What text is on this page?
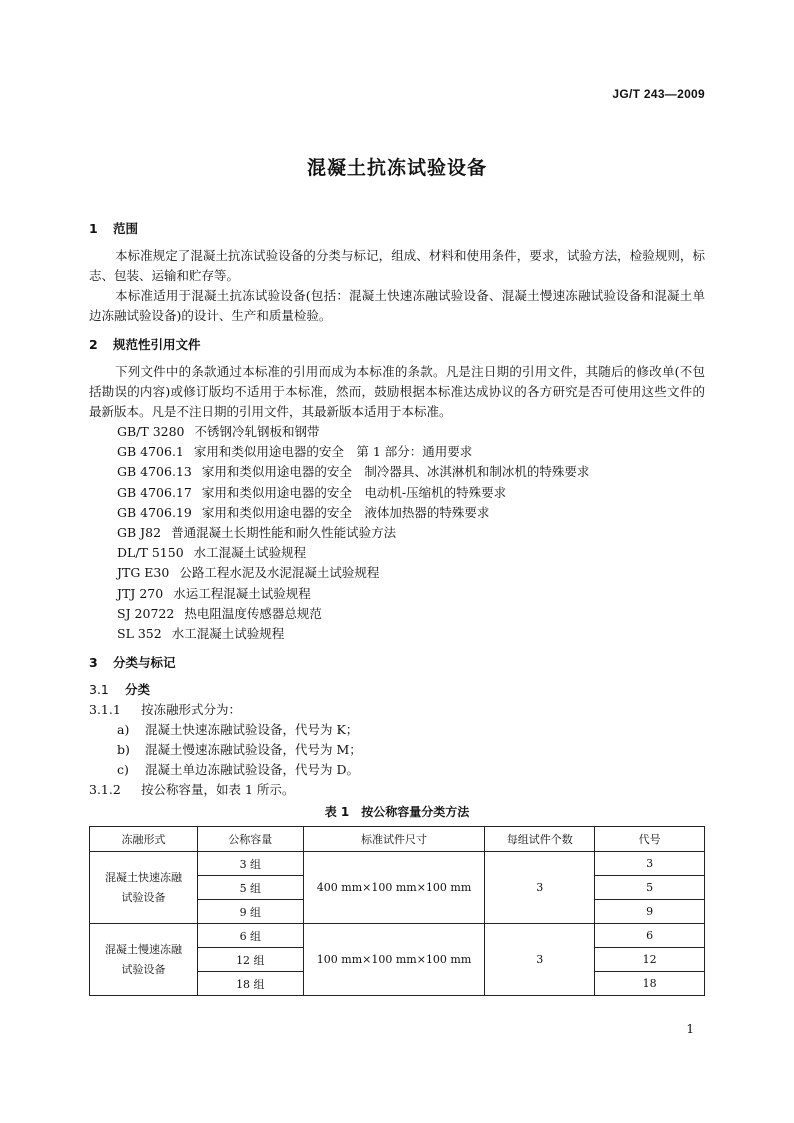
JG/T 243—2009
混凝土抗冻试验设备
1 范围

本标准规定了混凝土抗冻试验设备的分类与标记，组成、材料和使用条件，要求，试验方法，检验规则，标志、包装、运输和贮存等。

本标准适用于混凝土抗冻试验设备(包括：混凝土快速冻融试验设备、混凝土慢速冻融试验设备和混凝土单边冻融试验设备)的设计、生产和质量检验。

2 规范性引用文件

下列文件中的条款通过本标准的引用而成为本标准的条款。凡是注日期的引用文件，其随后的修改单(不包括勘误的内容)或修订版均不适用于本标准，然而，鼓励根据本标准达成协议的各方研究是否可使用这些文件的最新版本。凡是不注日期的引用文件，其最新版本适用于本标准。

GB/T 3280 不锈钢冷轧钢板和钢带
GB 4706.1 家用和类似用途电器的安全　第 1 部分：通用要求
GB 4706.13 家用和类似用途电器的安全　制冷器具、冰淇淋机和制冰机的特殊要求
GB 4706.17 家用和类似用途电器的安全　电动机-压缩机的特殊要求
GB 4706.19 家用和类似用途电器的安全　液体加热器的特殊要求
GB J82 普通混凝土长期性能和耐久性能试验方法
DL/T 5150 水工混凝土试验规程
JTG E30 公路工程水泥及水泥混凝土试验规程
JTJ 270 水运工程混凝土试验规程
SJ 20722 热电阻温度传感器总规范
SL 352 水工混凝土试验规程
3 分类与标记
3.1 分类
3.1.1 按冻融形式分为：
a) 混凝土快速冻融试验设备，代号为 K；
b) 混凝土慢速冻融试验设备，代号为 M；
c) 混凝土单边冻融试验设备，代号为 D。
3.1.2 按公称容量，如表 1 所示。
表 1　按公称容量分类方法
冻融形式	公称容量	标准试件尺寸	每组试件个数	代号
混凝土快速冻融试验设备	3 组	400 mm×100 mm×100 mm	3	3
	5 组			5
	9 组			9
混凝土慢速冻融试验设备	6 组	100 mm×100 mm×100 mm	3	6
	12 组			12
	18 组			18
1
